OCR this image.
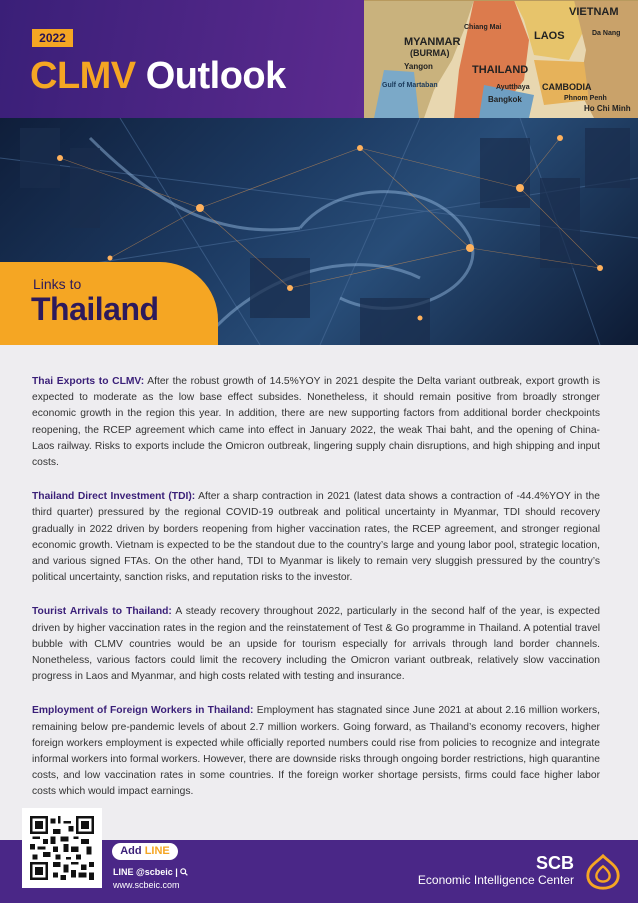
2022
CLMV Outlook
MYANMAR
(BURMA)
THAILAND
LAOS
VIETNAM
CAMBODIA
Bangkok
Yangon
Ho Chi Minh
Gulf of Martaban
Da Nang
Chiang Mai
Phnom Penh
Ayutthaya
Links to
Thailand

Thai Exports to CLMV: After the robust growth of 14.5%YOY in 2021 despite the Delta variant outbreak, export growth is expected to moderate as the low base effect subsides. Nonetheless, it should remain positive from broadly stronger economic growth in the region this year. In addition, there are new supporting factors from additional border checkpoints reopening, the RCEP agreement which came into effect in January 2022, the weak Thai baht, and the opening of China-Laos railway. Risks to exports include the Omicron outbreak, lingering supply chain disruptions, and high shipping and input costs.

Thailand Direct Investment (TDI): After a sharp contraction in 2021 (latest data shows a contraction of -44.4%YOY in the third quarter) pressured by the regional COVID-19 outbreak and political uncertainty in Myanmar, TDI should recovery gradually in 2022 driven by borders reopening from higher vaccination rates, the RCEP agreement, and stronger regional economic growth. Vietnam is expected to be the standout due to the country’s large and young labor pool, strategic location, and various signed FTAs. On the other hand, TDI to Myanmar is likely to remain very sluggish pressured by the country’s political uncertainty, sanction risks, and reputation risks to the investor.

Tourist Arrivals to Thailand: A steady recovery throughout 2022, particularly in the second half of the year, is expected driven by higher vaccination rates in the region and the reinstatement of Test & Go programme in Thailand. A potential travel bubble with CLMV countries would be an upside for tourism especially for arrivals through land border channels. Nonetheless, various factors could limit the recovery including the Omicron variant outbreak, relatively slow vaccination progress in Laos and Myanmar, and high costs related with testing and insurance.

Employment of Foreign Workers in Thailand: Employment has stagnated since June 2021 at about 2.16 million workers, remaining below pre-pandemic levels of about 2.7 million workers. Going forward, as Thailand’s economy recovers, higher foreign workers employment is expected while officially reported numbers could rise from policies to recognize and integrate informal workers into formal workers. However, there are downside risks through ongoing border restrictions, high quarantine costs, and low vaccination rates in some countries. If the foreign worker shortage persists, firms could face higher labor costs which would impact earnings.

Add LINE
LINE @scbeic |
www.scbeic.com
SCB
Economic Intelligence Center
